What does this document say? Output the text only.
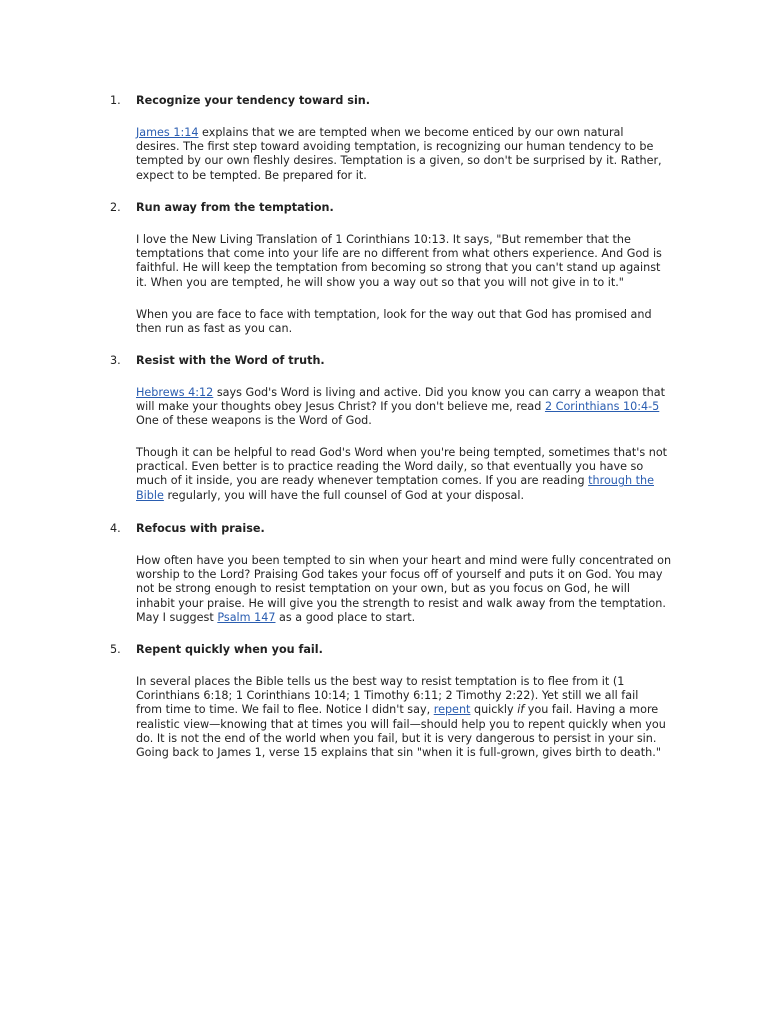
1. Recognize your tendency toward sin.

James 1:14 explains that we are tempted when we become enticed by our own natural
desires. The first step toward avoiding temptation, is recognizing our human tendency to be
tempted by our own fleshly desires. Temptation is a given, so don't be surprised by it. Rather,
expect to be tempted. Be prepared for it.

2. Run away from the temptation.

I love the New Living Translation of 1 Corinthians 10:13. It says, "But remember that the
temptations that come into your life are no different from what others experience. And God is
faithful. He will keep the temptation from becoming so strong that you can't stand up against
it. When you are tempted, he will show you a way out so that you will not give in to it."

When you are face to face with temptation, look for the way out that God has promised and
then run as fast as you can.

3. Resist with the Word of truth.

Hebrews 4:12 says God's Word is living and active. Did you know you can carry a weapon that
will make your thoughts obey Jesus Christ? If you don't believe me, read 2 Corinthians 10:4-5
One of these weapons is the Word of God.

Though it can be helpful to read God's Word when you're being tempted, sometimes that's not
practical. Even better is to practice reading the Word daily, so that eventually you have so
much of it inside, you are ready whenever temptation comes. If you are reading through the
Bible regularly, you will have the full counsel of God at your disposal.

4. Refocus with praise.

How often have you been tempted to sin when your heart and mind were fully concentrated on
worship to the Lord? Praising God takes your focus off of yourself and puts it on God. You may
not be strong enough to resist temptation on your own, but as you focus on God, he will
inhabit your praise. He will give you the strength to resist and walk away from the temptation.
May I suggest Psalm 147 as a good place to start.

5. Repent quickly when you fail.

In several places the Bible tells us the best way to resist temptation is to flee from it (1
Corinthians 6:18; 1 Corinthians 10:14; 1 Timothy 6:11; 2 Timothy 2:22). Yet still we all fail
from time to time. We fail to flee. Notice I didn't say, repent quickly if you fail. Having a more
realistic view—knowing that at times you will fail—should help you to repent quickly when you
do. It is not the end of the world when you fail, but it is very dangerous to persist in your sin.
Going back to James 1, verse 15 explains that sin "when it is full-grown, gives birth to death."
